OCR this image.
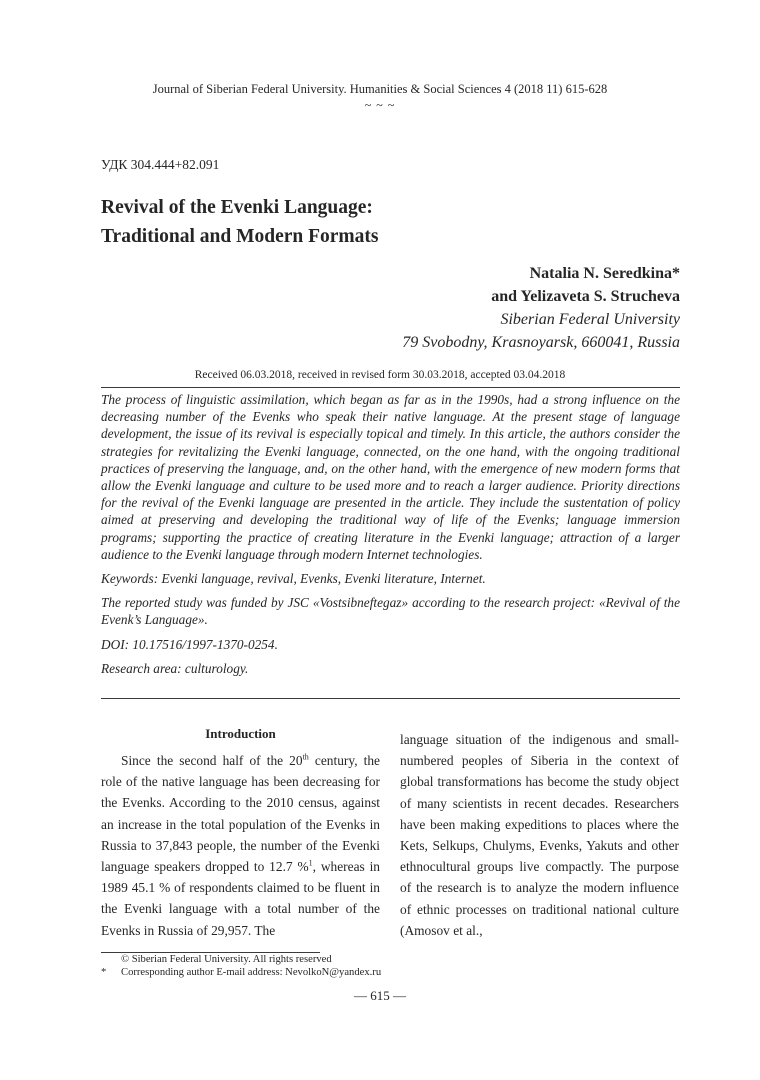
Journal of Siberian Federal University. Humanities & Social Sciences 4 (2018 11) 615-628
~ ~ ~
УДК 304.444+82.091
Revival of the Evenki Language:
Traditional and Modern Formats
Natalia N. Seredkina*
and Yelizaveta S. Strucheva
Siberian Federal University
79 Svobodny, Krasnoyarsk, 660041, Russia
Received 06.03.2018, received in revised form 30.03.2018, accepted 03.04.2018

The process of linguistic assimilation, which began as far as in the 1990s, had a strong influence on the decreasing number of the Evenks who speak their native language. At the present stage of language development, the issue of its revival is especially topical and timely. In this article, the authors consider the strategies for revitalizing the Evenki language, connected, on the one hand, with the ongoing traditional practices of preserving the language, and, on the other hand, with the emergence of new modern forms that allow the Evenki language and culture to be used more and to reach a larger audience. Priority directions for the revival of the Evenki language are presented in the article. They include the sustentation of policy aimed at preserving and developing the traditional way of life of the Evenks; language immersion programs; supporting the practice of creating literature in the Evenki language; attraction of a larger audience to the Evenki language through modern Internet technologies.

Keywords: Evenki language, revival, Evenks, Evenki literature, Internet.

The reported study was funded by JSC «Vostsibneftegaz» according to the research project: «Revival of the Evenk’s Language».

DOI: 10.17516/1997-1370-0254.

Research area: culturology.

Introduction

Since the second half of the 20th century, the role of the native language has been decreasing for the Evenks. According to the 2010 census, against an increase in the total population of the Evenks in Russia to 37,843 people, the number of the Evenki language speakers dropped to 12.7 %$^1$, whereas in 1989 45.1 % of respondents claimed to be fluent in the Evenki language with a total number of the Evenks in Russia of 29,957. The

language situation of the indigenous and small-numbered peoples of Siberia in the context of global transformations has become the study object of many scientists in recent decades. Researchers have been making expeditions to places where the Kets, Selkups, Chulyms, Evenks, Yakuts and other ethnocultural groups live compactly. The purpose of the research is to analyze the modern influence of ethnic processes on traditional national culture (Amosov et al.,

© Siberian Federal University. All rights reserved
* Corresponding author E-mail address: NevolkoN@yandex.ru
— 615 —
